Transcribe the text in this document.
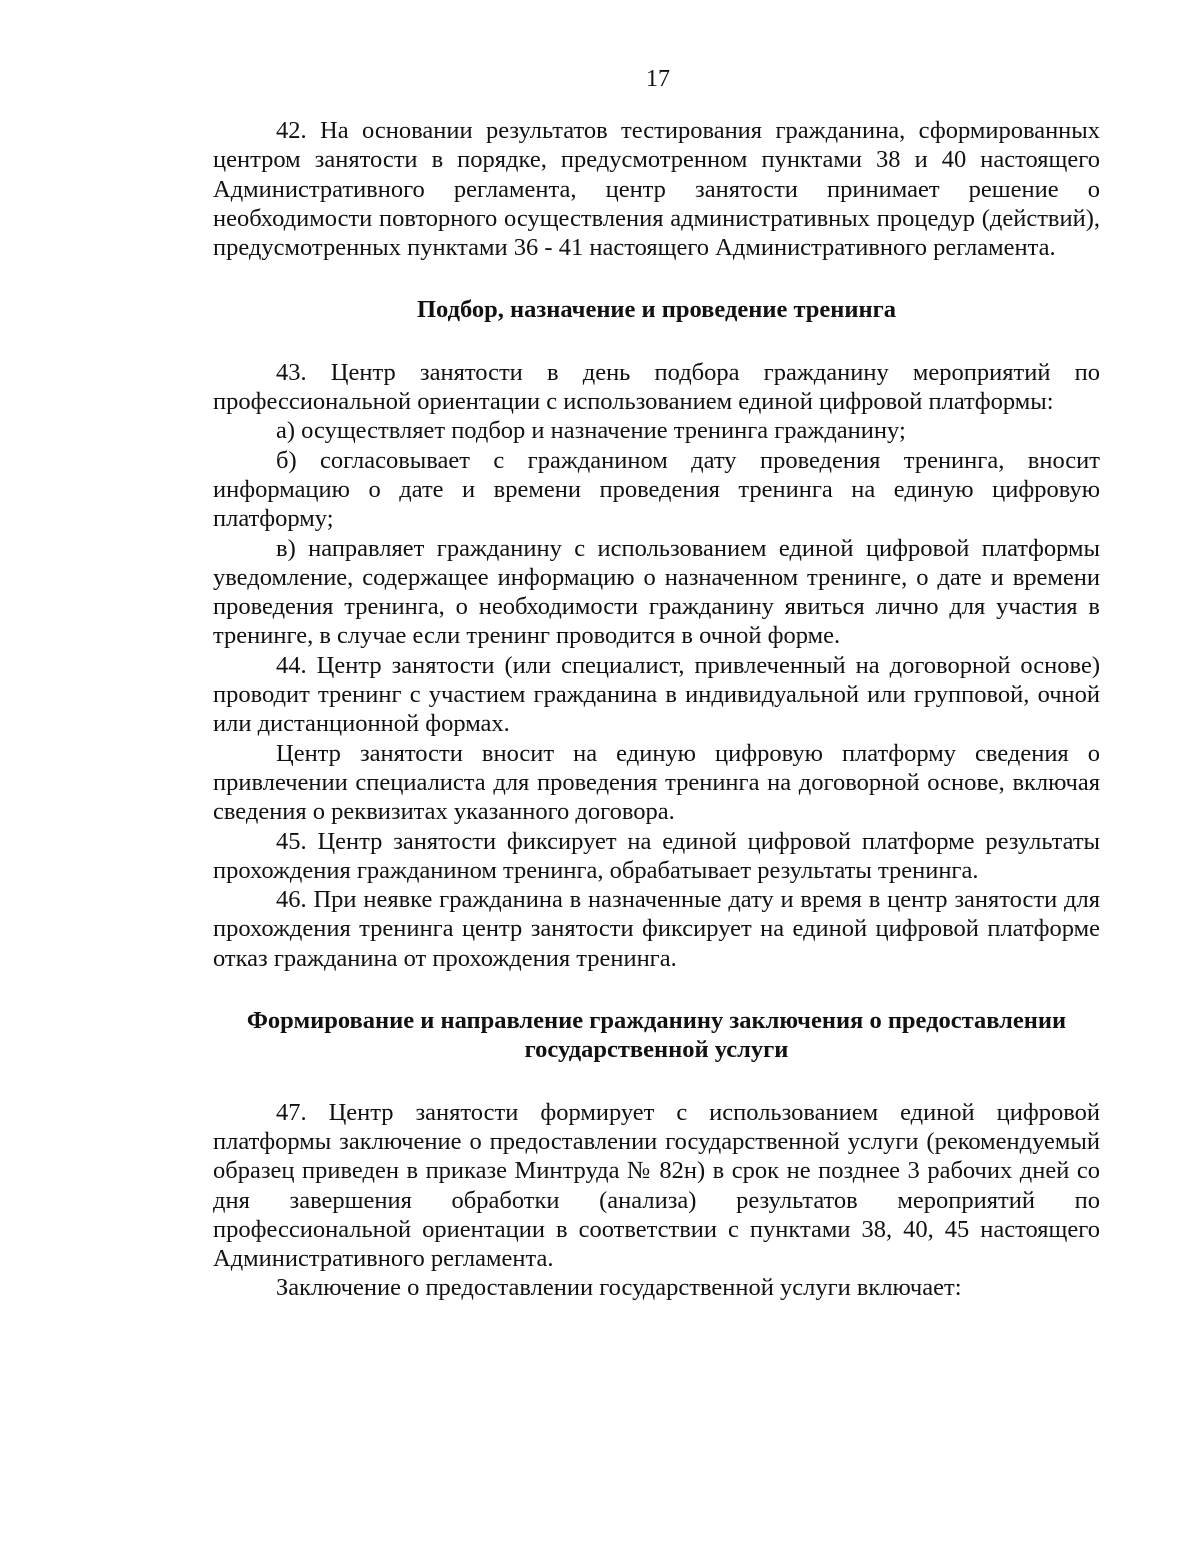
17

42. На основании результатов тестирования гражданина, сформированных центром занятости в порядке, предусмотренном пунктами 38 и 40 настоящего Административного регламента, центр занятости принимает решение о необходимости повторного осуществления административных процедур (действий), предусмотренных пунктами 36 - 41 настоящего Административного регламента.

Подбор, назначение и проведение тренинга

43. Центр занятости в день подбора гражданину мероприятий по профессиональной ориентации с использованием единой цифровой платформы:

а) осуществляет подбор и назначение тренинга гражданину;

б) согласовывает с гражданином дату проведения тренинга, вносит информацию о дате и времени проведения тренинга на единую цифровую платформу;

в) направляет гражданину с использованием единой цифровой платформы уведомление, содержащее информацию о назначенном тренинге, о дате и времени проведения тренинга, о необходимости гражданину явиться лично для участия в тренинге, в случае если тренинг проводится в очной форме.

44. Центр занятости (или специалист, привлеченный на договорной основе) проводит тренинг с участием гражданина в индивидуальной или групповой, очной или дистанционной формах.

Центр занятости вносит на единую цифровую платформу сведения о привлечении специалиста для проведения тренинга на договорной основе, включая сведения о реквизитах указанного договора.

45. Центр занятости фиксирует на единой цифровой платформе результаты прохождения гражданином тренинга, обрабатывает результаты тренинга.

46. При неявке гражданина в назначенные дату и время в центр занятости для прохождения тренинга центр занятости фиксирует на единой цифровой платформе отказ гражданина от прохождения тренинга.

Формирование и направление гражданину заключения о предоставлении
государственной услуги

47. Центр занятости формирует с использованием единой цифровой платформы заключение о предоставлении государственной услуги (рекомендуемый образец приведен в приказе Минтруда № 82н) в срок не позднее 3 рабочих дней со дня завершения обработки (анализа) результатов мероприятий по профессиональной ориентации в соответствии с пунктами 38, 40, 45 настоящего Административного регламента.

Заключение о предоставлении государственной услуги включает:
